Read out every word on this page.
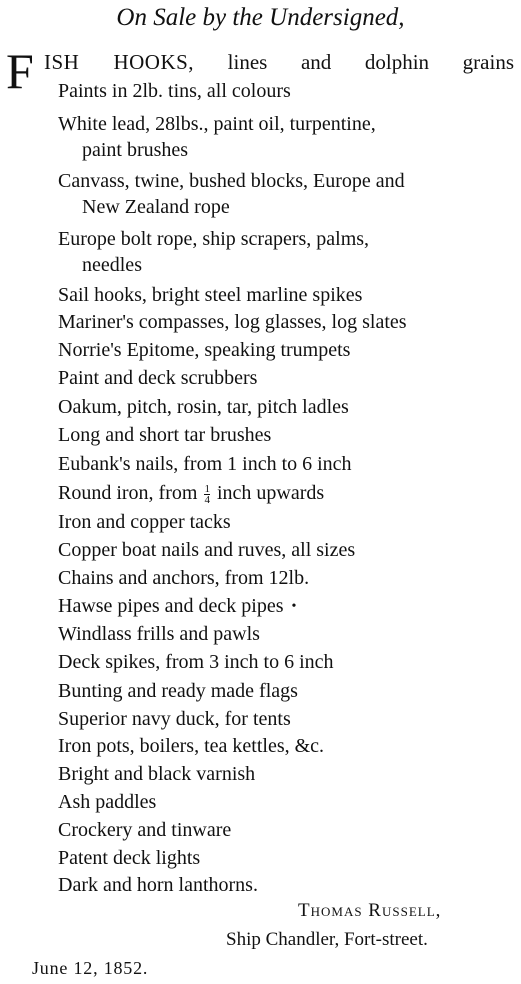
On Sale by the Undersigned,
F ISH HOOKS, lines and dolphin grains
Paints in 2lb. tins, all colours
White lead, 28lbs., paint oil, turpentine,
paint brushes
Canvass, twine, bushed blocks, Europe and
New Zealand rope
Europe bolt rope, ship scrapers, palms,
needles
Sail hooks, bright steel marline spikes
Mariner's compasses, log glasses, log slates
Norrie's Epitome, speaking trumpets
Paint and deck scrubbers
Oakum, pitch, rosin, tar, pitch ladles
Long and short tar brushes
Eubank's nails, from 1 inch to 6 inch
Round iron, from $\frac{1}{4}$ inch upwards
Iron and copper tacks
Copper boat nails and ruves, all sizes
Chains and anchors, from 12lb.
Hawse pipes and deck pipes •
Windlass frills and pawls
Deck spikes, from 3 inch to 6 inch
Bunting and ready made flags
Superior navy duck, for tents
Iron pots, boilers, tea kettles, &c.
Bright and black varnish
Ash paddles
Crockery and tinware
Patent deck lights
Dark and horn lanthorns.
Thomas Russell,
Ship Chandler, Fort-street.
June 12, 1852.
